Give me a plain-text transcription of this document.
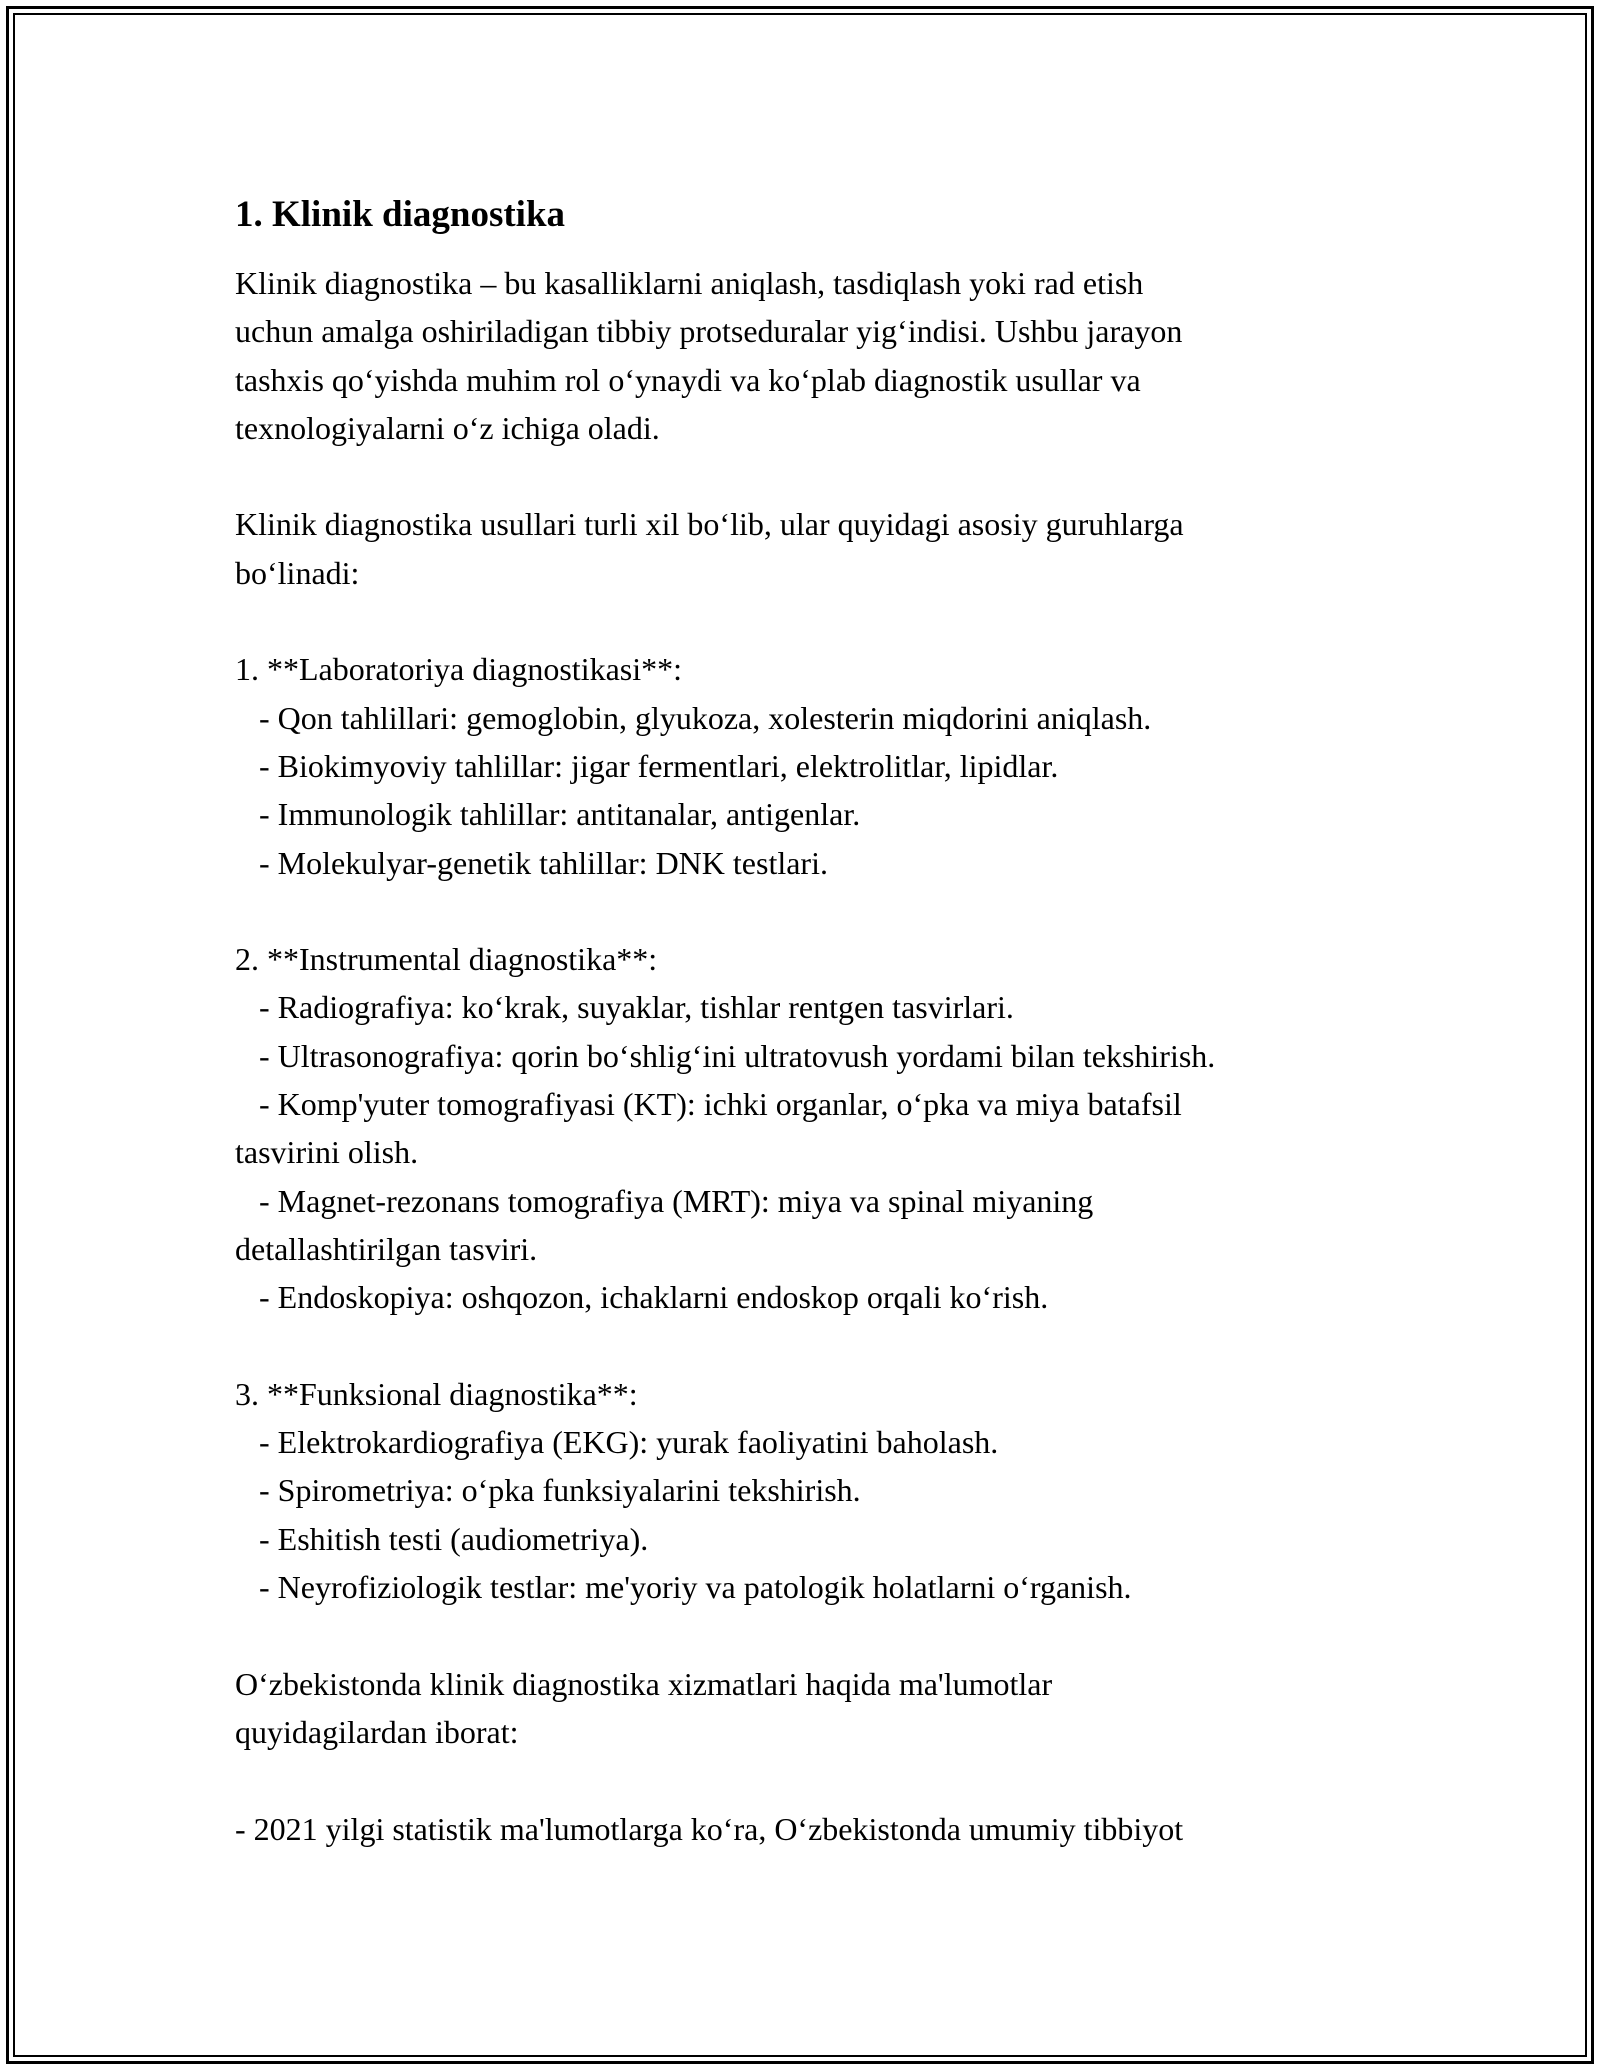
1. Klinik diagnostika
Klinik diagnostika – bu kasalliklarni aniqlash, tasdiqlash yoki rad etish
uchun amalga oshiriladigan tibbiy protseduralar yig‘indisi. Ushbu jarayon
tashxis qo‘yishda muhim rol o‘ynaydi va ko‘plab diagnostik usullar va
texnologiyalarni o‘z ichiga oladi.
Klinik diagnostika usullari turli xil bo‘lib, ular quyidagi asosiy guruhlarga
bo‘linadi:
1. **Laboratoriya diagnostikasi**:
- Qon tahlillari: gemoglobin, glyukoza, xolesterin miqdorini aniqlash.
- Biokimyoviy tahlillar: jigar fermentlari, elektrolitlar, lipidlar.
- Immunologik tahlillar: antitanalar, antigenlar.
- Molekulyar-genetik tahlillar: DNK testlari.
2. **Instrumental diagnostika**:
- Radiografiya: ko‘krak, suyaklar, tishlar rentgen tasvirlari.
- Ultrasonografiya: qorin bo‘shlig‘ini ultratovush yordami bilan tekshirish.
- Komp'yuter tomografiyasi (KT): ichki organlar, o‘pka va miya batafsil
tasvirini olish.
- Magnet-rezonans tomografiya (MRT): miya va spinal miyaning
detallashtirilgan tasviri.
- Endoskopiya: oshqozon, ichaklarni endoskop orqali ko‘rish.
3. **Funksional diagnostika**:
- Elektrokardiografiya (EKG): yurak faoliyatini baholash.
- Spirometriya: o‘pka funksiyalarini tekshirish.
- Eshitish testi (audiometriya).
- Neyrofiziologik testlar: me'yoriy va patologik holatlarni o‘rganish.
O‘zbekistonda klinik diagnostika xizmatlari haqida ma'lumotlar
quyidagilardan iborat:
- 2021 yilgi statistik ma'lumotlarga ko‘ra, O‘zbekistonda umumiy tibbiyot
